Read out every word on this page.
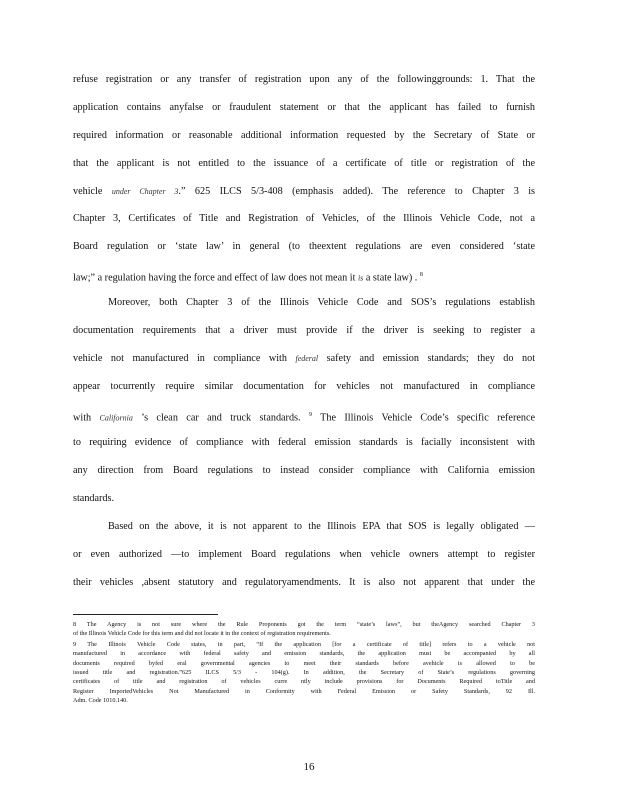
refuse registration or any transfer of registration upon any of the followinggrounds: 1. That the
application contains anyfalse or fraudulent statement or that the applicant has failed to furnish
required information or reasonable additional information requested by the Secretary of State or
that the applicant is not entitled to the issuance of a certificate of title or registration of the
vehicle under Chapter 3.” 625 ILCS 5/3-408 (emphasis added). The reference to Chapter 3 is
Chapter 3, Certificates of Title and Registration of Vehicles, of the Illinois Vehicle Code, not a
Board regulation or ‘state law’ in general (to theextent regulations are even considered ‘state
law;” a regulation having the force and effect of law does not mean it is a state law) . $^8$
Moreover, both Chapter 3 of the Illinois Vehicle Code and SOS’s regulations establish
documentation requirements that a driver must provide if the driver is seeking to register a
vehicle not manufactured in compliance with federal safety and emission standards; they do not
appear tocurrently require similar documentation for vehicles not manufactured in compliance
with California ’s clean car and truck standards. $^9$ The Illinois Vehicle Code’s specific reference
to requiring evidence of compliance with federal emission standards is facially inconsistent with
any direction from Board regulations to instead consider compliance with California emission
standards.
Based on the above, it is not apparent to the Illinois EPA that SOS is legally obligated —
or even authorized —to implement Board regulations when vehicle owners attempt to register
their vehicles ,absent statutory and regulatoryamendments. It is also not apparent that under the
8 The Agency is not sure where the Rule Proponents got the term “state’s laws”, but theAgency searched Chapter 3
of the Illinois Vehicle Code for this term and did not locate it in the context of registration requirements.
9 The Illinois Vehicle Code states, in part, “If the application [for a certificate of title] refers to a vehicle not
manufactured in accordance with federal safety and emission standards, the application must be accompanied by all
documents required byfed eral governmental agencies to meet their standards before avehicle is allowed to be
issued title and registration.”625 ILCS 5/3 - 104(g). In addition, the Secretary of State’s regulations governing
certificates of title and registration of vehicles curre ntly include provisions for Documents Required toTitle and
Register ImportedVehicles Not Manufactured in Conformity with Federal Emission or Safety Standards, 92 Ill.
Adm. Code 1010.140.
16
